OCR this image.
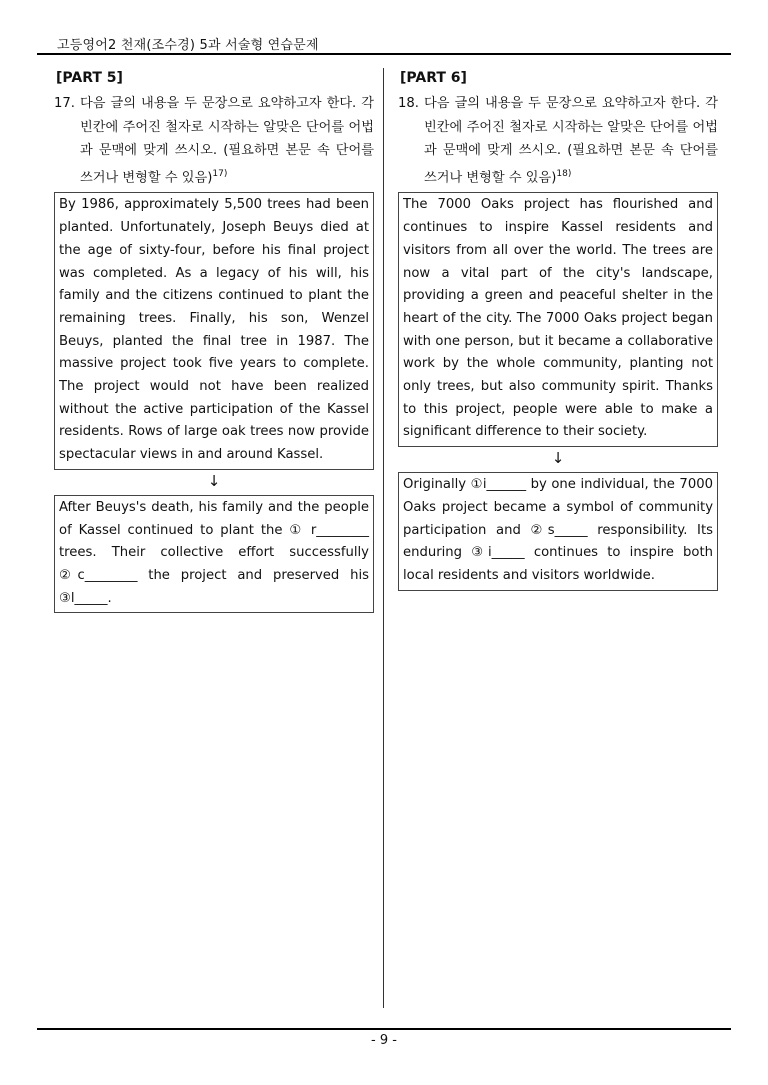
고등영어2 천재(조수경) 5과 서술형 연습문제
[PART 5]
17. 다음 글의 내용을 두 문장으로 요약하고자 한다. 각 빈칸에 주어진 철자로 시작하는 알맞은 단어를 어법과 문맥에 맞게 쓰시오. (필요하면 본문 속 단어를 쓰거나 변형할 수 있음)$^{17)}$
By 1986, approximately 5,500 trees had been planted. Unfortunately, Joseph Beuys died at the age of sixty-four, before his final project was completed. As a legacy of his will, his family and the citizens continued to plant the remaining trees. Finally, his son, Wenzel Beuys, planted the final tree in 1987. The massive project took five years to complete. The project would not have been realized without the active participation of the Kassel residents. Rows of large oak trees now provide spectacular views in and around Kassel.
↓
After Beuys's death, his family and the people of Kassel continued to plant the ① r________ trees. Their collective effort successfully ②c________ the project and preserved his ③l_____.
[PART 6]
18. 다음 글의 내용을 두 문장으로 요약하고자 한다. 각 빈칸에 주어진 철자로 시작하는 알맞은 단어를 어법과 문맥에 맞게 쓰시오. (필요하면 본문 속 단어를 쓰거나 변형할 수 있음)$^{18)}$
The 7000 Oaks project has flourished and continues to inspire Kassel residents and visitors from all over the world. The trees are now a vital part of the city's landscape, providing a green and peaceful shelter in the heart of the city. The 7000 Oaks project began with one person, but it became a collaborative work by the whole community, planting not only trees, but also community spirit. Thanks to this project, people were able to make a significant difference to their society.
↓
Originally ①i______ by one individual, the 7000 Oaks project became a symbol of community participation and ②s_____ responsibility. Its enduring ③i_____ continues to inspire both local residents and visitors worldwide.
- 9 -
